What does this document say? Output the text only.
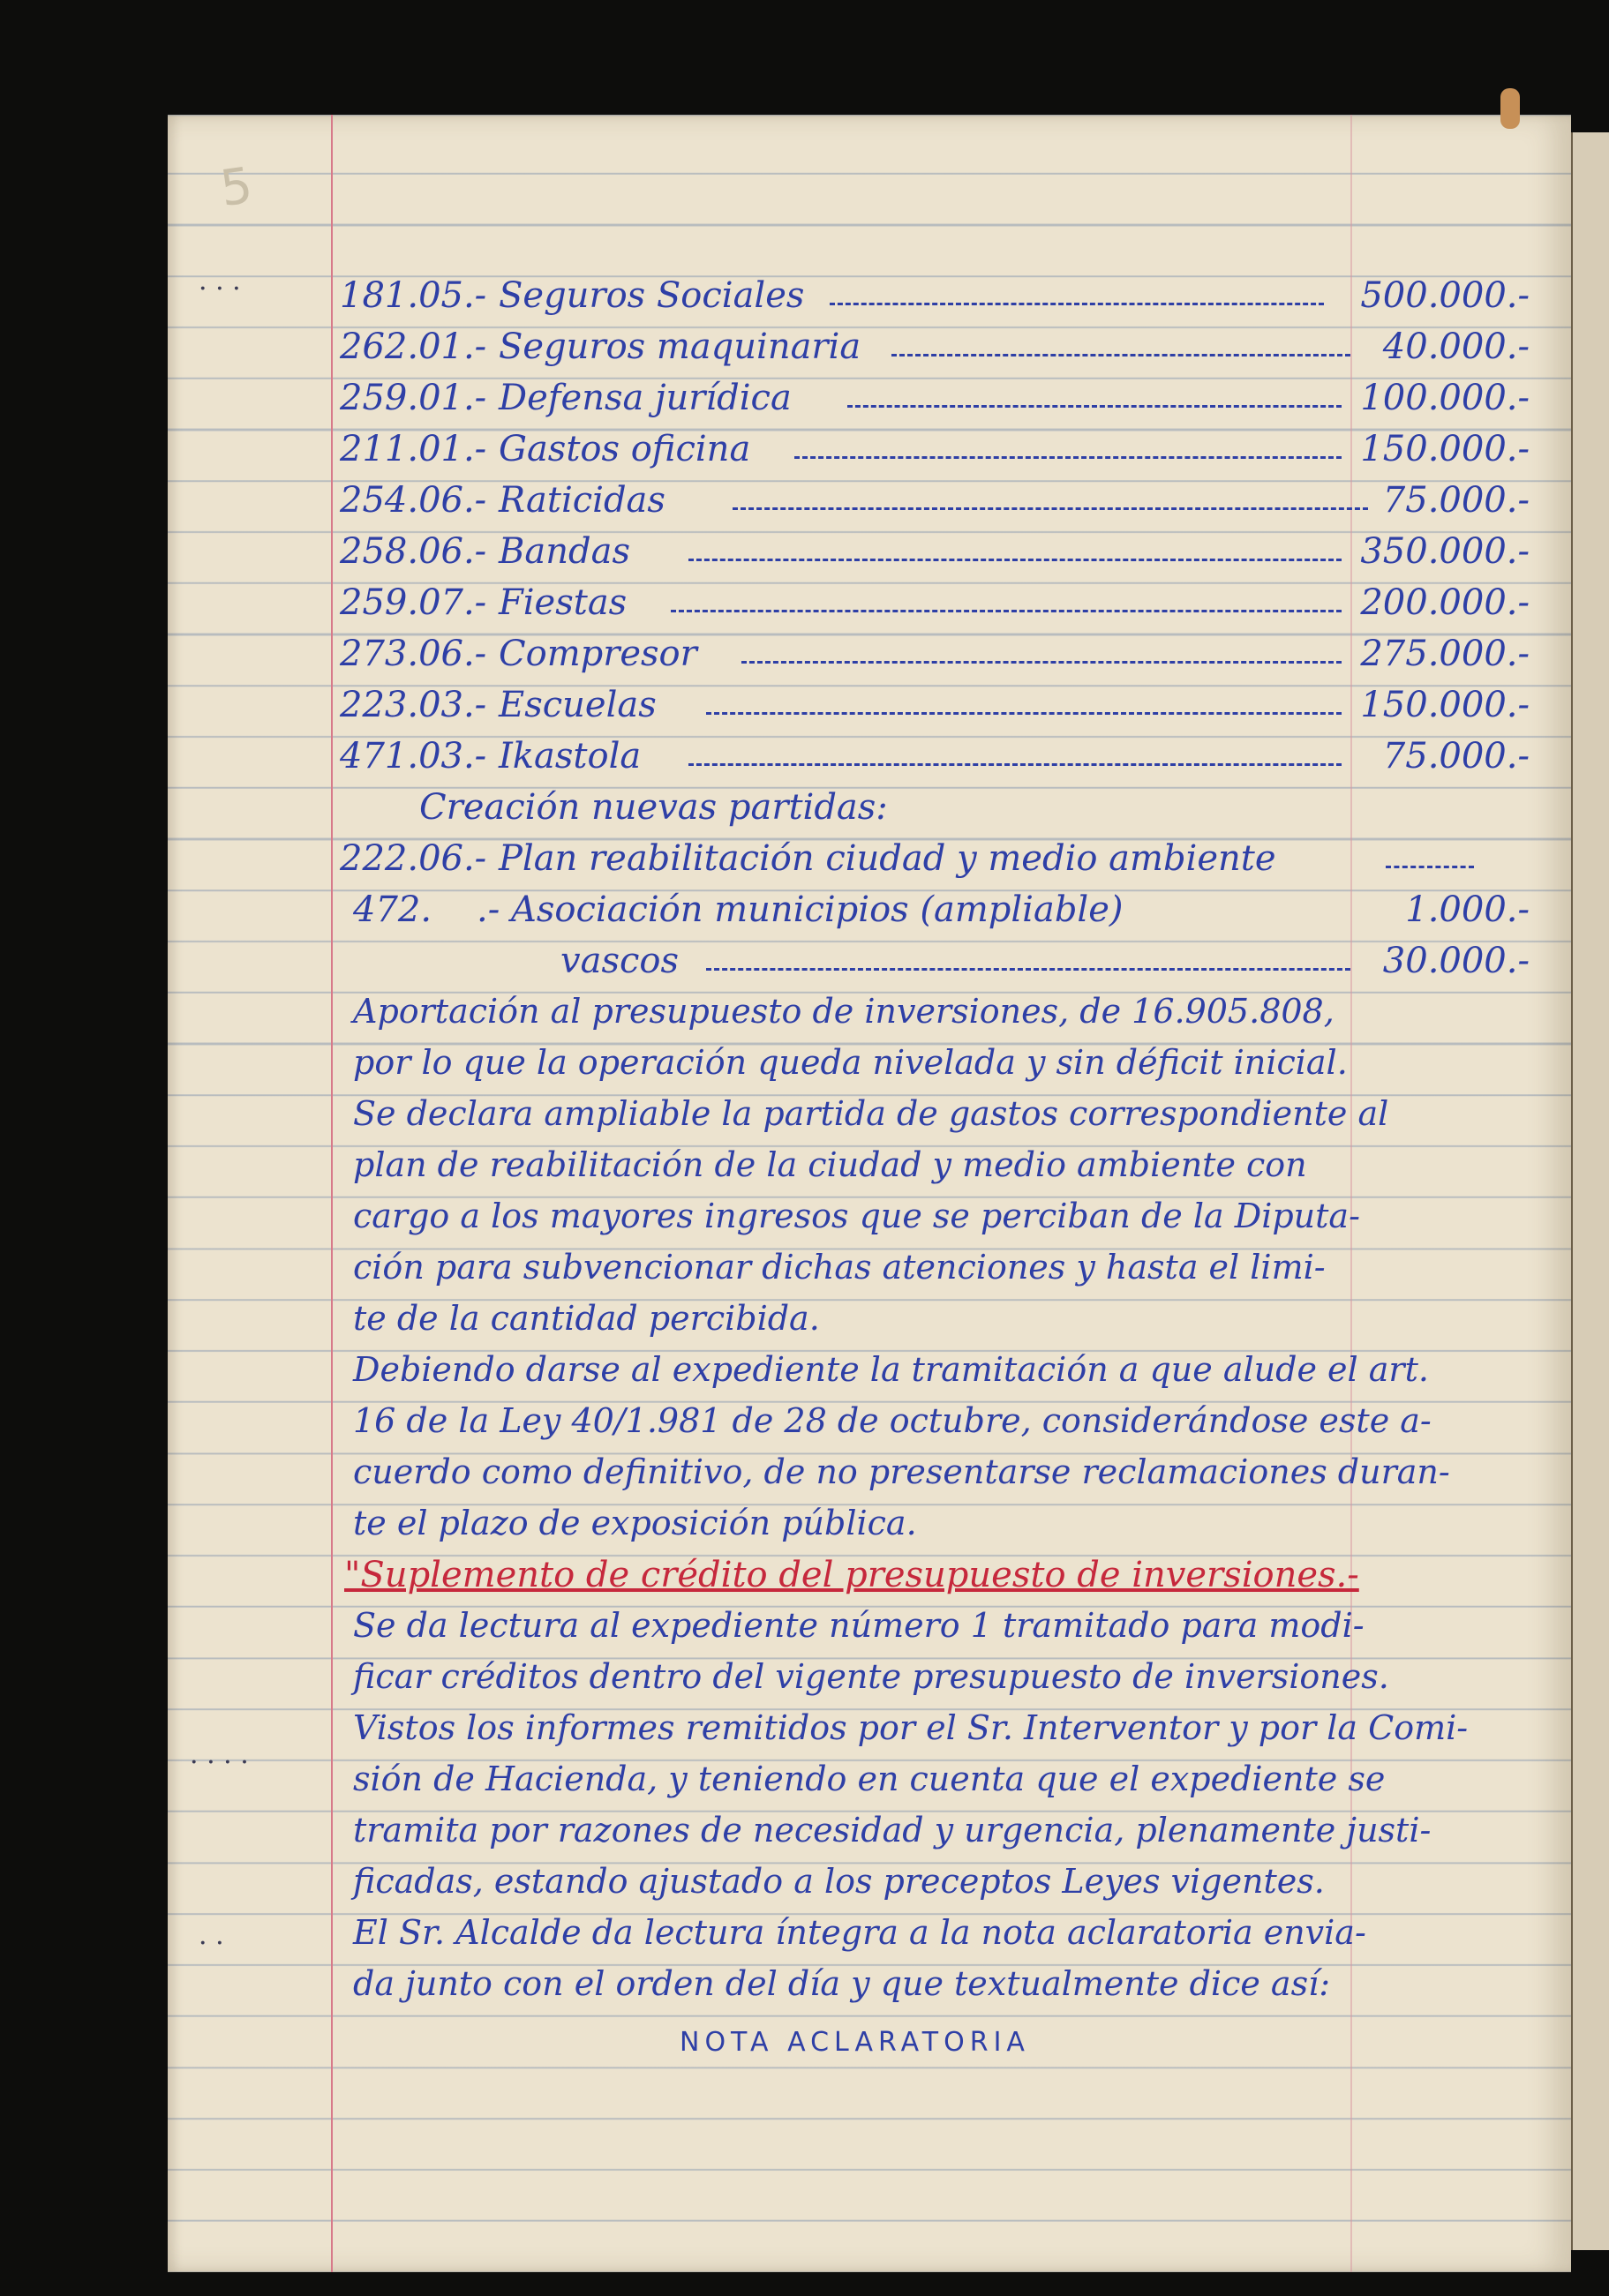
5
· · ·
· · · ·
· ·
181.05.- Seguros Sociales	500.000.-
262.01.- Seguros maquinaria	40.000.-
259.01.- Defensa jurídica	100.000.-
211.01.- Gastos oficina	150.000.-
254.06.- Raticidas	75.000.-
258.06.- Bandas	350.000.-
259.07.- Fiestas	200.000.-
273.06.- Compresor	275.000.-
223.03.- Escuelas	150.000.-
471.03.- Ikastola	75.000.-
Creación nuevas partidas:
222.06.- Plan reabilitación ciudad y medio ambiente
472. .- Asociación municipios (ampliable)	1.000.-
vascos	30.000.-
Aportación al presupuesto de inversiones, de 16.905.808,
por lo que la operación queda nivelada y sin déficit inicial.
Se declara ampliable la partida de gastos correspondiente al
plan de reabilitación de la ciudad y medio ambiente con
cargo a los mayores ingresos que se perciban de la Diputa-
ción para subvencionar dichas atenciones y hasta el limi-
te de la cantidad percibida.
Debiendo darse al expediente la tramitación a que alude el art.
16 de la Ley 40/1.981 de 28 de octubre, considerándose este a-
cuerdo como definitivo, de no presentarse reclamaciones duran-
te el plazo de exposición pública.
"Suplemento de crédito del presupuesto de inversiones.-
Se da lectura al expediente número 1 tramitado para modi-
ficar créditos dentro del vigente presupuesto de inversiones.
Vistos los informes remitidos por el Sr. Interventor y por la Comi-
sión de Hacienda, y teniendo en cuenta que el expediente se
tramita por razones de necesidad y urgencia, plenamente justi-
ficadas, estando ajustado a los preceptos Leyes vigentes.
El Sr. Alcalde da lectura íntegra a la nota aclaratoria envia-
da junto con el orden del día y que textualmente dice así:
NOTA ACLARATORIA
